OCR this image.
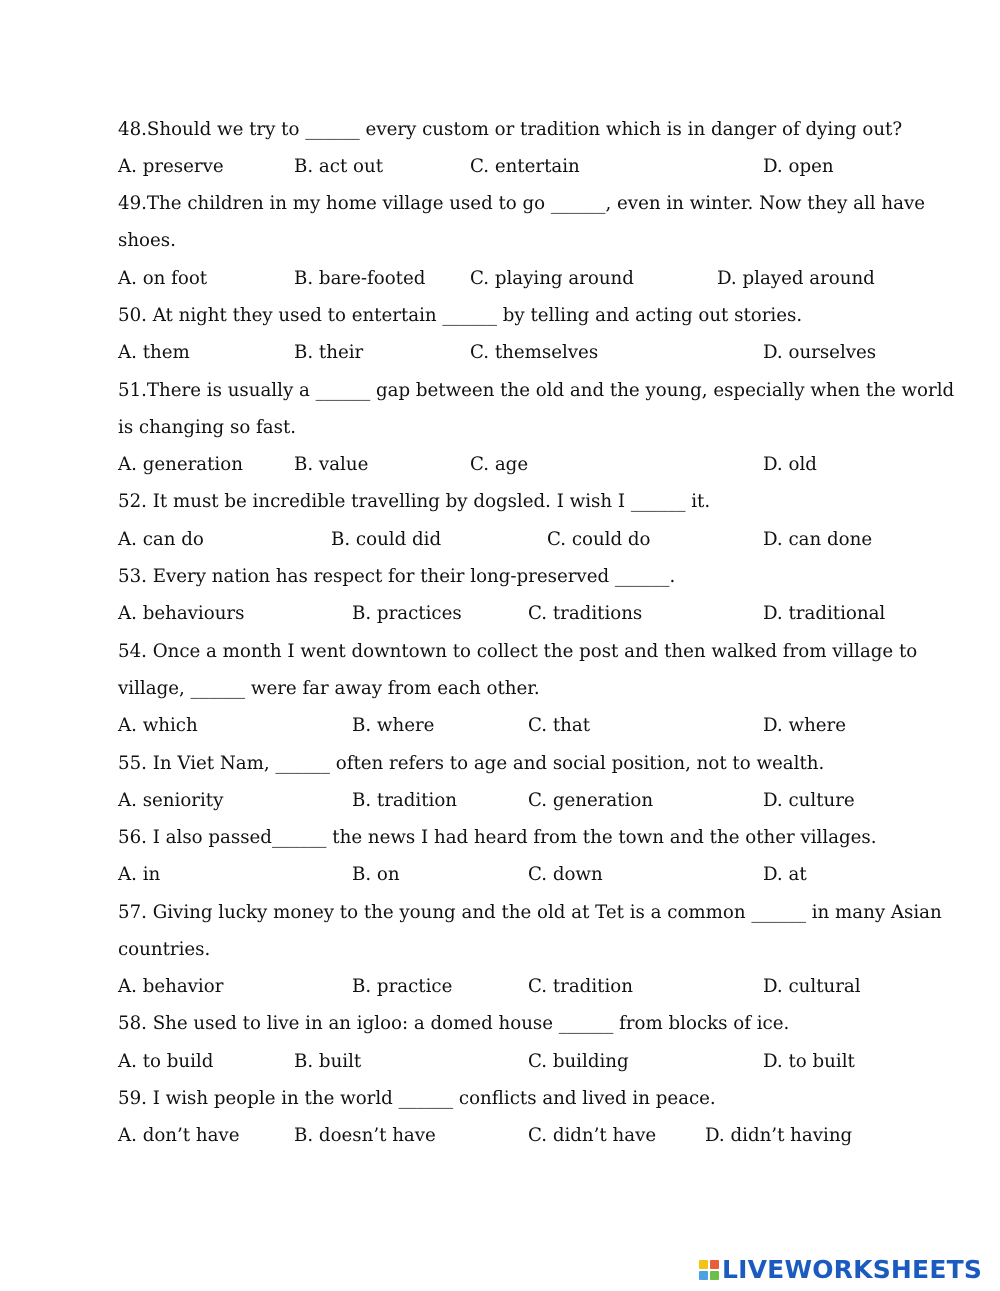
48.Should we try to ______ every custom or tradition which is in danger of dying out?
A. preserve	B. act out	C. entertain	D. open
49.The children in my home village used to go ______, even in winter. Now they all have
shoes.
A. on foot	B. bare-footed C. playing around	D. played around
50. At night they used to entertain ______ by telling and acting out stories.
A. them	B. their	C. themselves	D. ourselves
51.There is usually a ______ gap between the old and the young, especially when the world
is changing so fast.
A. generation	B. value	C. age	D. old
52. It must be incredible travelling by dogsled. I wish I ______ it.
A. can do	B. could did	C. could do	D. can done
53. Every nation has respect for their long-preserved ______.
A. behaviours	B. practices	C. traditions	D. traditional
54. Once a month I went downtown to collect the post and then walked from village to
village, ______ were far away from each other.
A. which	B. where	C. that	D. where
55. In Viet Nam, ______ often refers to age and social position, not to wealth.
A. seniority	B. tradition	C. generation	D. culture
56. I also passed______ the news I had heard from the town and the other villages.
A. in	B. on	C. down	D. at
57. Giving lucky money to the young and the old at Tet is a common ______ in many Asian
countries.
A. behavior	B. practice	C. tradition	D. cultural
58. She used to live in an igloo: a domed house ______ from blocks of ice.
A. to build	B. built	C. building	D. to built
59. I wish people in the world ______ conflicts and lived in peace.
A. don’t have	B. doesn’t have	C. didn’t have	D. didn’t having
LIVEWORKSHEETS
